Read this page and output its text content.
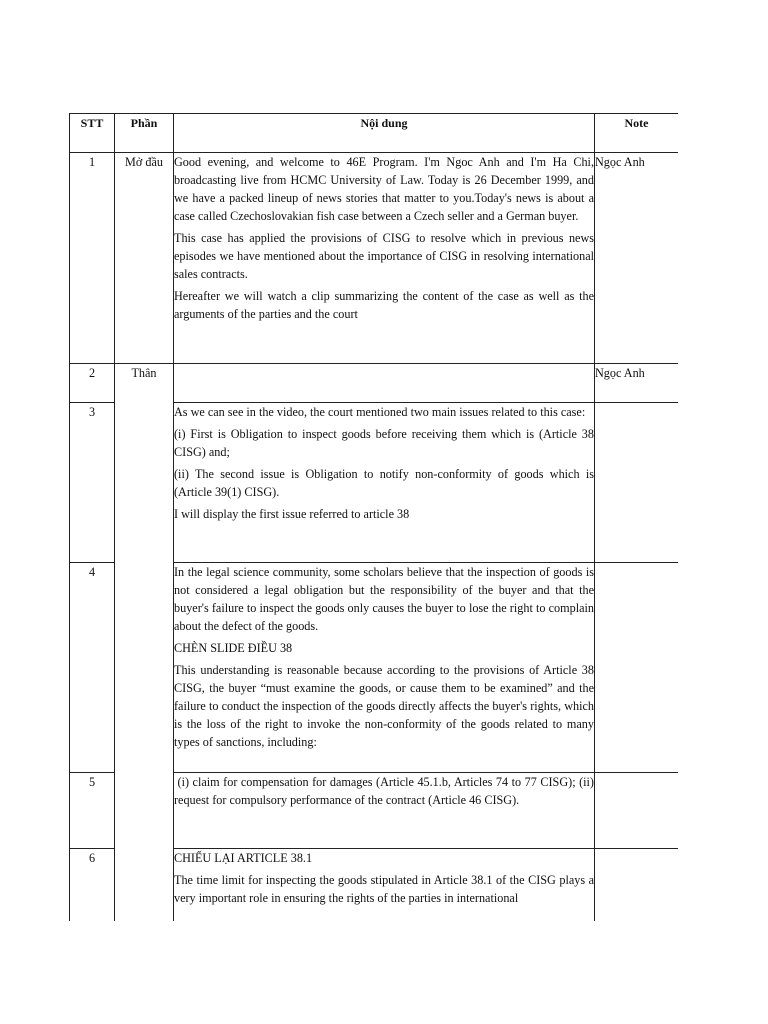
STT	Phần	Nội dung	Note
1	Mở đầu	Good evening, and welcome to 46E Program. I'm Ngoc Anh and I'm Ha Chi, broadcasting live from HCMC University of Law. Today is 26 December 1999, and we have a packed lineup of news stories that matter to you.Today's news is about a case called Czechoslovakian fish case between a Czech seller and a German buyer.

This case has applied the provisions of CISG to resolve which in previous news episodes we have mentioned about the importance of CISG in resolving international sales contracts.

Hereafter we will watch a clip summarizing the content of the case as well as the arguments of the parties and the court	Ngọc Anh
2	Thân		Ngọc Anh
3		As we can see in the video, the court mentioned two main issues related to this case:

(i) First is Obligation to inspect goods before receiving them which is (Article 38 CISG) and;

(ii) The second issue is Obligation to notify non-conformity of goods which is (Article 39(1) CISG).

I will display the first issue referred to article 38	

4		In the legal science community, some scholars believe that the inspection of goods is not considered a legal obligation but the responsibility of the buyer and that the buyer's failure to inspect the goods only causes the buyer to lose the right to complain about the defect of the goods.

CHÈN SLIDE ĐIỀU 38

This understanding is reasonable because according to the provisions of Article 38 CISG, the buyer “must examine the goods, or cause them to be examined” and the failure to conduct the inspection of the goods directly affects the buyer's rights, which is the loss of the right to invoke the non-conformity of the goods related to many types of sanctions, including:	

5		(i) claim for compensation for damages (Article 45.1.b, Articles 74 to 77 CISG); (ii) request for compulsory performance of the contract (Article 46 CISG).	

6		CHIẾU LẠI ARTICLE 38.1

The time limit for inspecting the goods stipulated in Article 38.1 of the CISG plays a very important role in ensuring the rights of the parties in international	
